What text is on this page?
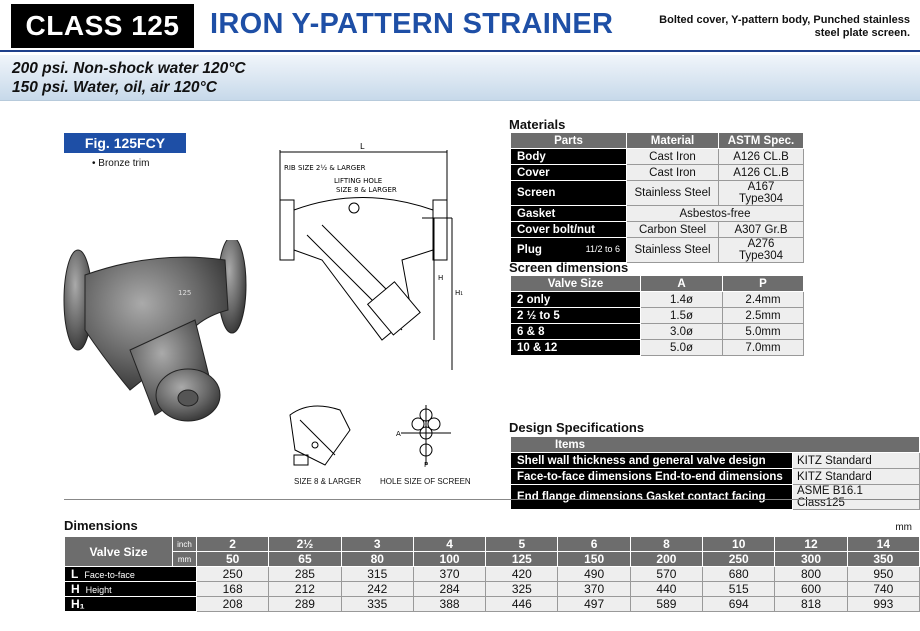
CLASS 125	IRON Y-PATTERN STRAINER	Bolted cover, Y-pattern body, Punched stainless
steel plate screen.
200 psi. Non-shock water 120°C
150 psi. Water, oil, air 120°C
Fig. 125FCY
• Bronze trim
125
L
RIB SIZE 2½ & LARGER
LIFTING HOLE
SIZE 8 & LARGER
H
H₁
SIZE 8 & LARGER
A
P
HOLE SIZE OF SCREEN
Materials
Parts	Material	ASTM Spec.
Body	Cast Iron	A126 CL.B
Cover	Cast Iron	A126 CL.B
Screen	Stainless Steel	A167 Type304
Gasket	Asbestos-free	
Cover bolt/nut	Carbon Steel	A307 Gr.B
Plug 11/2 to 6	Stainless Steel	A276 Type304
Screen dimensions
Valve Size	A	P
2 only	1.4ø	2.4mm
2 ½ to 5	1.5ø	2.5mm
6 & 8	3.0ø	5.0mm
10 & 12	5.0ø	7.0mm
Design Specifications
Items	
Shell wall thickness and general valve design	KITZ Standard
Face-to-face dimensions End-to-end dimensions	KITZ Standard
End flange dimensions Gasket contact facing	ASME B16.1 Class125
Dimensions	mm
Valve Size	inch	2	2½	3	4	5	6	8	10	12	14
	mm	50	65	80	100	125	150	200	250	300	350
L Face-to-face		250	285	315	370	420	490	570	680	800	950
H Height		168	212	242	284	325	370	440	515	600	740
H₁		208	289	335	388	446	497	589	694	818	993
